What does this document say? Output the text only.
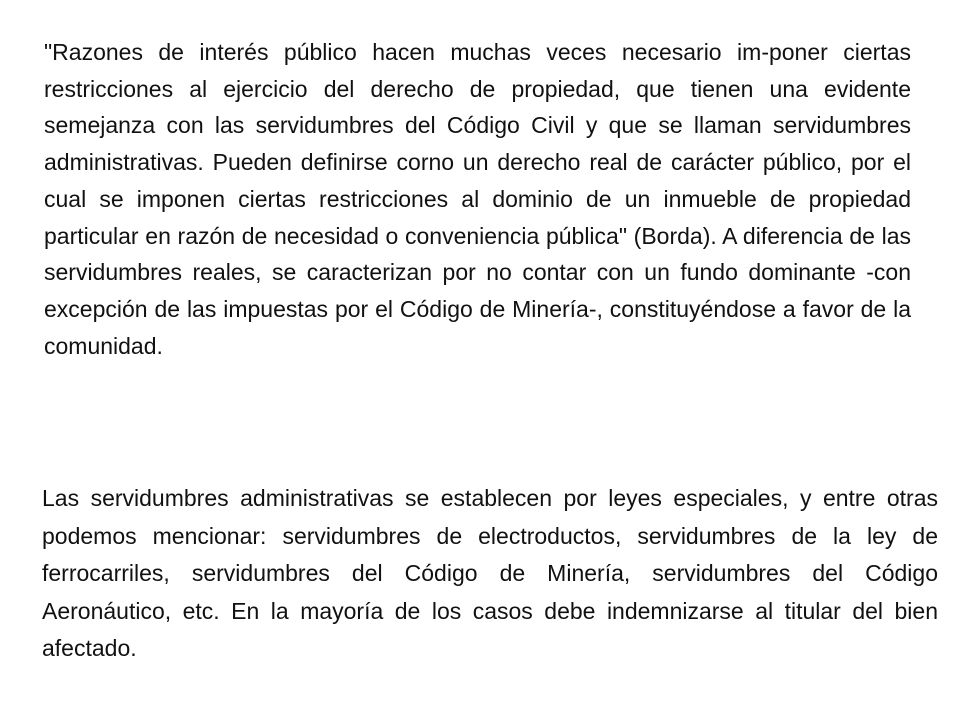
"Razones de interés público hacen muchas veces necesario im-poner ciertas restricciones al ejercicio del derecho de propiedad, que tienen una evidente semejanza con las servidumbres del Código Civil y que se llaman servidumbres administrativas. Pueden definirse corno un derecho real de carácter público, por el cual se imponen ciertas restricciones al dominio de un inmueble de propiedad particular en razón de necesidad o conveniencia pública" (Borda). A diferencia de las servidumbres reales, se caracterizan por no contar con un fundo dominante -con excepción de las impuestas por el Código de Minería-, constituyéndose a favor de la comunidad.

Las servidumbres administrativas se establecen por leyes especiales, y entre otras podemos mencionar: servidumbres de electroductos, servidumbres de la ley de ferrocarriles, servidumbres del Código de Minería, servidumbres del Código Aeronáutico, etc. En la mayoría de los casos debe indemnizarse al titular del bien afectado.
